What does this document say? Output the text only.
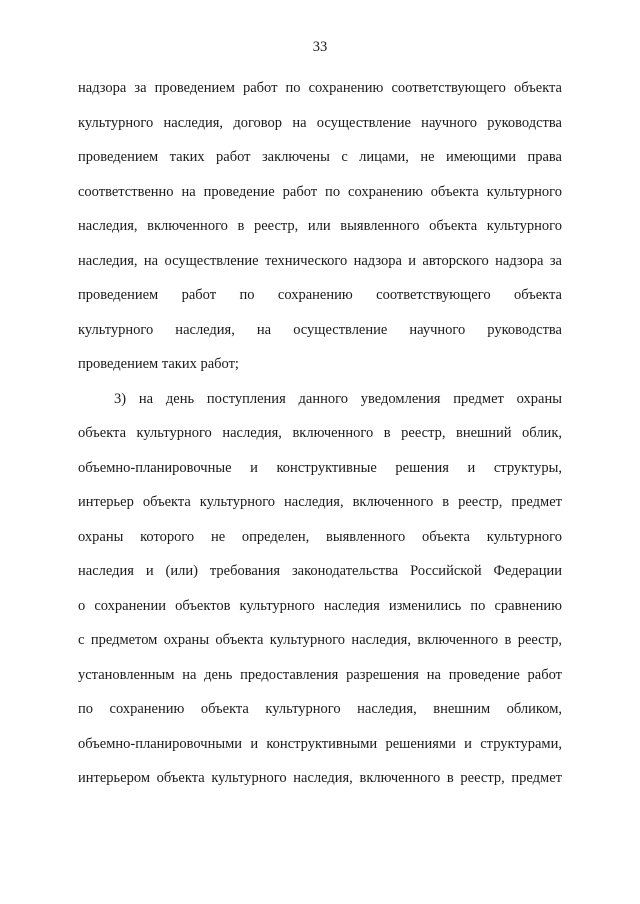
33
надзора за проведением работ по сохранению соответствующего объекта
культурного наследия, договор на осуществление научного руководства
проведением таких работ заключены с лицами, не имеющими права
соответственно на проведение работ по сохранению объекта культурного
наследия, включенного в реестр, или выявленного объекта культурного
наследия, на осуществление технического надзора и авторского надзора за
проведением работ по сохранению соответствующего объекта
культурного наследия, на осуществление научного руководства
проведением таких работ;
3) на день поступления данного уведомления предмет охраны
объекта культурного наследия, включенного в реестр, внешний облик,
объемно-планировочные и конструктивные решения и структуры,
интерьер объекта культурного наследия, включенного в реестр, предмет
охраны которого не определен, выявленного объекта культурного
наследия и (или) требования законодательства Российской Федерации
о сохранении объектов культурного наследия изменились по сравнению
с предметом охраны объекта культурного наследия, включенного в реестр,
установленным на день предоставления разрешения на проведение работ
по сохранению объекта культурного наследия, внешним обликом,
объемно-планировочными и конструктивными решениями и структурами,
интерьером объекта культурного наследия, включенного в реестр, предмет
